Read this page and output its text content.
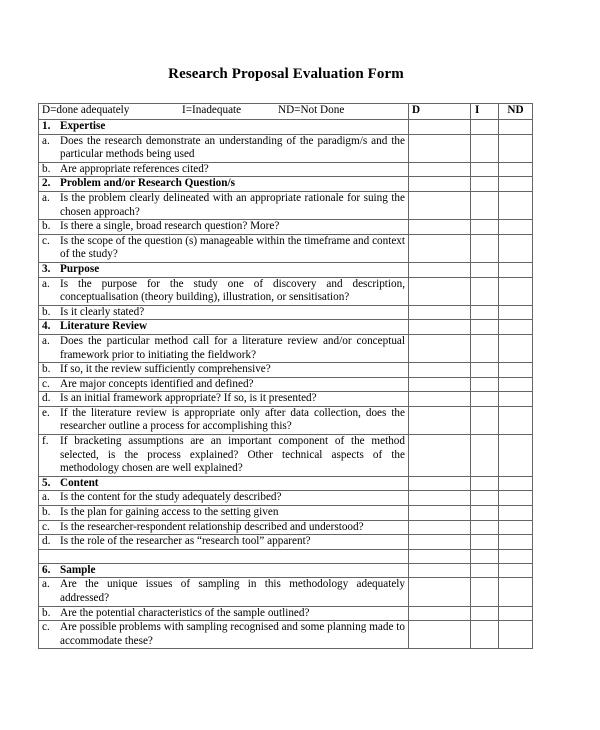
Research Proposal Evaluation Form
D=done adequately I=Inadequate ND=Not Done	D	I	ND

1. Expertise			

a. Does the research demonstrate an understanding of the paradigm/s and the particular methods being used			

b. Are appropriate references cited?			

2. Problem and/or Research Question/s			

a. Is the problem clearly delineated with an appropriate rationale for suing the chosen approach?			

b. Is there a single, broad research question? More?			

c. Is the scope of the question (s) manageable within the timeframe and context of the study?			

3. Purpose			

a. Is the purpose for the study one of discovery and description, conceptualisation (theory building), illustration, or sensitisation?			

b. Is it clearly stated?			

4. Literature Review			

a. Does the particular method call for a literature review and/or conceptual framework prior to initiating the fieldwork?			

b. If so, it the review sufficiently comprehensive?			

c. Are major concepts identified and defined?			

d. Is an initial framework appropriate? If so, is it presented?			

e. If the literature review is appropriate only after data collection, does the researcher outline a process for accomplishing this?			

f. If bracketing assumptions are an important component of the method selected, is the process explained? Other technical aspects of the methodology chosen are well explained?			

5. Content			

a. Is the content for the study adequately described?			

b. Is the plan for gaining access to the setting given			

c. Is the researcher-respondent relationship described and understood?			

d. Is the role of the researcher as “research tool” apparent?			

6. Sample			

a. Are the unique issues of sampling in this methodology adequately addressed?			

b. Are the potential characteristics of the sample outlined?			

c. Are possible problems with sampling recognised and some planning made to accommodate these?			
